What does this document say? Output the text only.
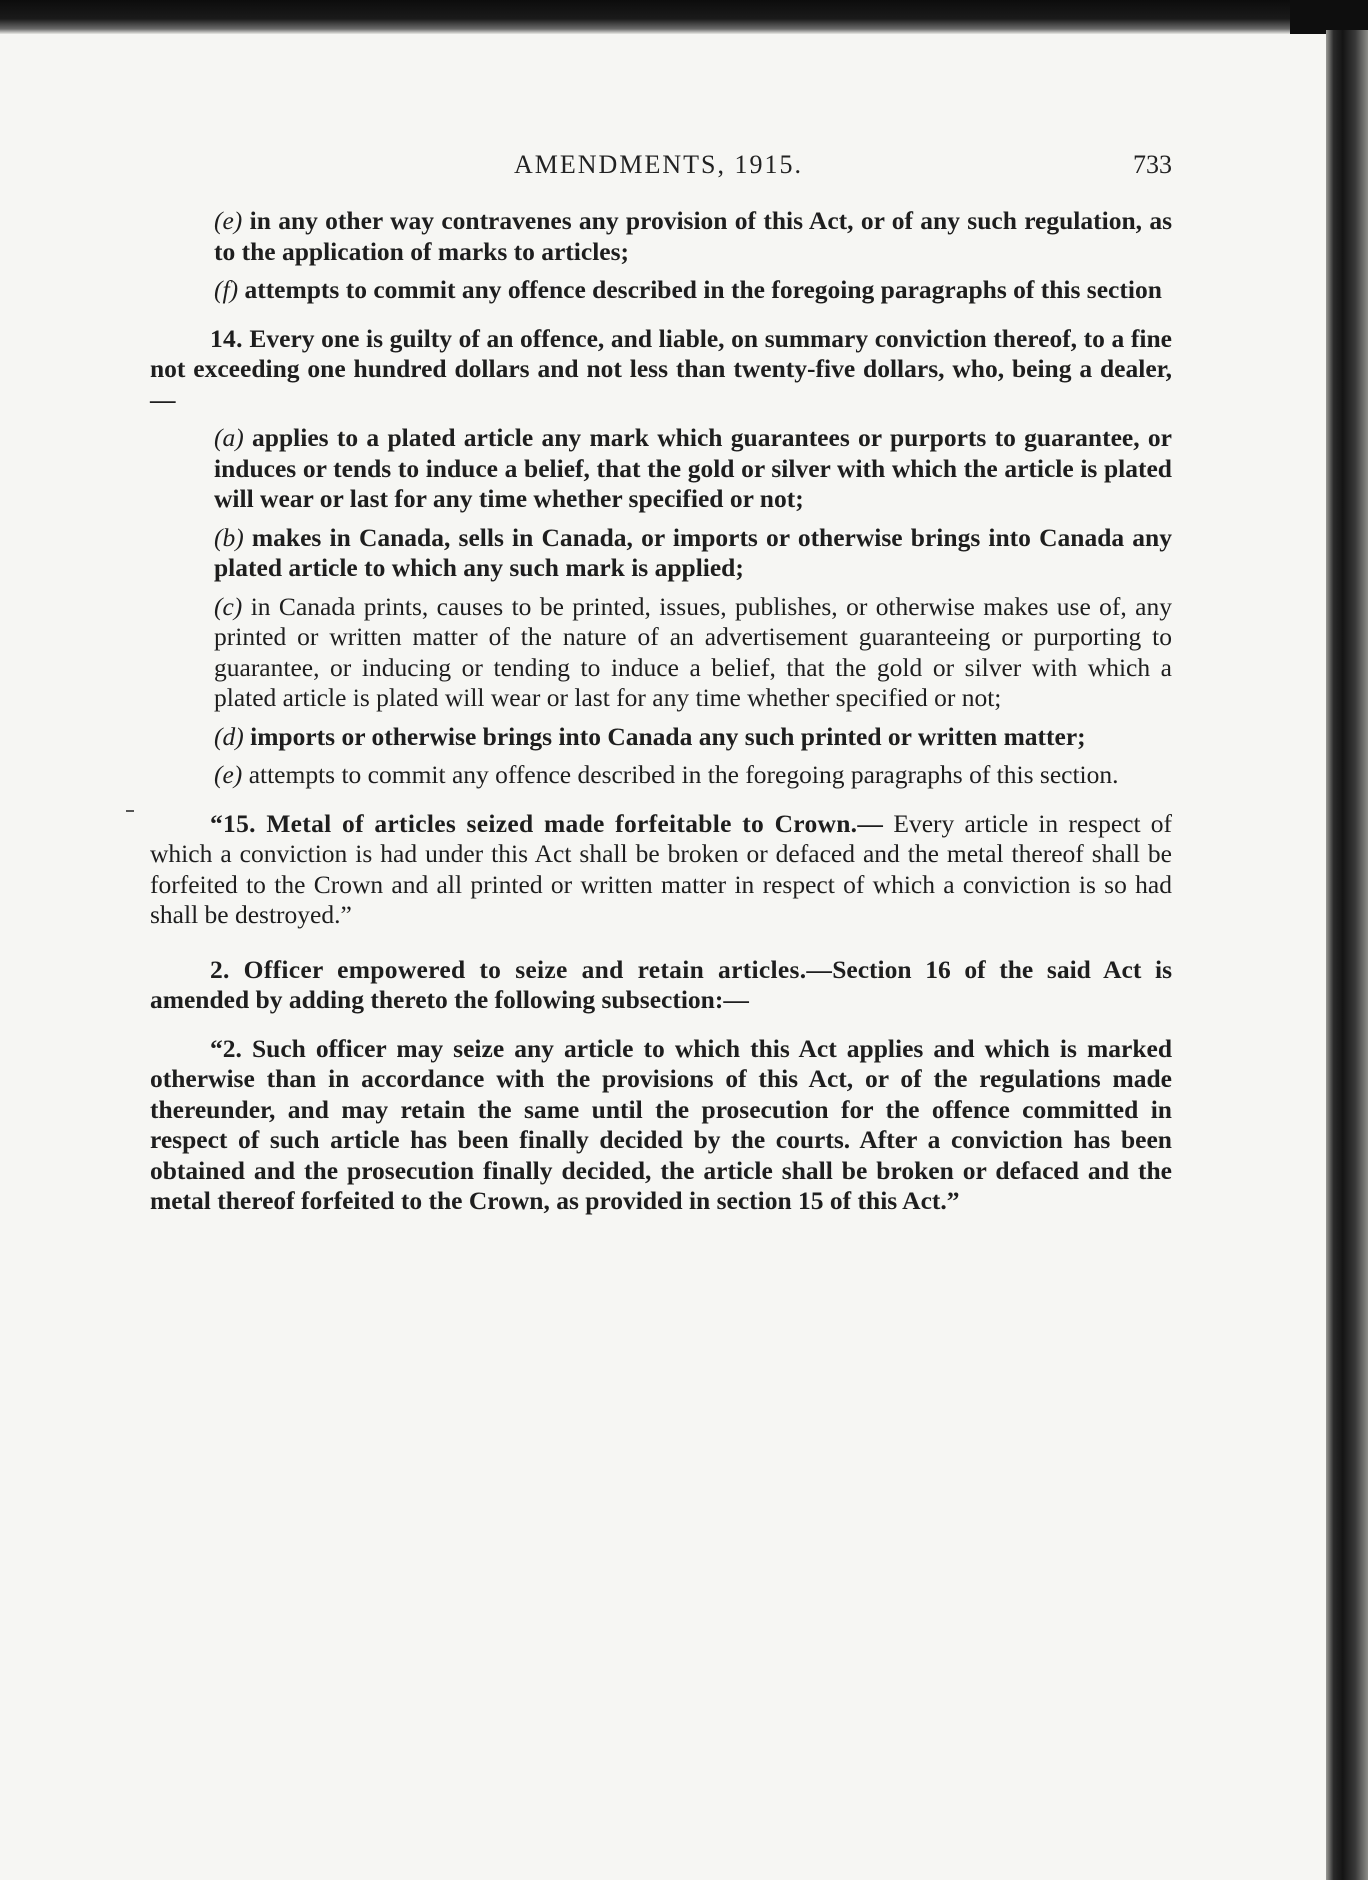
AMENDMENTS, 1915.	733
(e) in any other way contravenes any provision of this Act, or of any such regulation, as to the application of marks to articles;
(f) attempts to commit any offence described in the foregoing paragraphs of this section
14. Every one is guilty of an offence, and liable, on summary conviction thereof, to a fine not exceeding one hundred dollars and not less than twenty-five dollars, who, being a dealer,—
(a) applies to a plated article any mark which guarantees or purports to guarantee, or induces or tends to induce a belief, that the gold or silver with which the article is plated will wear or last for any time whether specified or not;
(b) makes in Canada, sells in Canada, or imports or otherwise brings into Canada any plated article to which any such mark is applied;
(c) in Canada prints, causes to be printed, issues, publishes, or otherwise makes use of, any printed or written matter of the nature of an advertisement guaranteeing or purporting to guarantee, or inducing or tending to induce a belief, that the gold or silver with which a plated article is plated will wear or last for any time whether specified or not;
(d) imports or otherwise brings into Canada any such printed or written matter;
(e) attempts to commit any offence described in the foregoing paragraphs of this section.
“15. Metal of articles seized made forfeitable to Crown.— Every article in respect of which a conviction is had under this Act shall be broken or defaced and the metal thereof shall be forfeited to the Crown and all printed or written matter in respect of which a conviction is so had shall be destroyed.”
2. Officer empowered to seize and retain articles.—Section 16 of the said Act is amended by adding thereto the following subsection:—
“2. Such officer may seize any article to which this Act applies and which is marked otherwise than in accordance with the provisions of this Act, or of the regulations made thereunder, and may retain the same until the prosecution for the offence committed in respect of such article has been finally decided by the courts. After a conviction has been obtained and the prosecution finally decided, the article shall be broken or defaced and the metal thereof forfeited to the Crown, as provided in section 15 of this Act.”
